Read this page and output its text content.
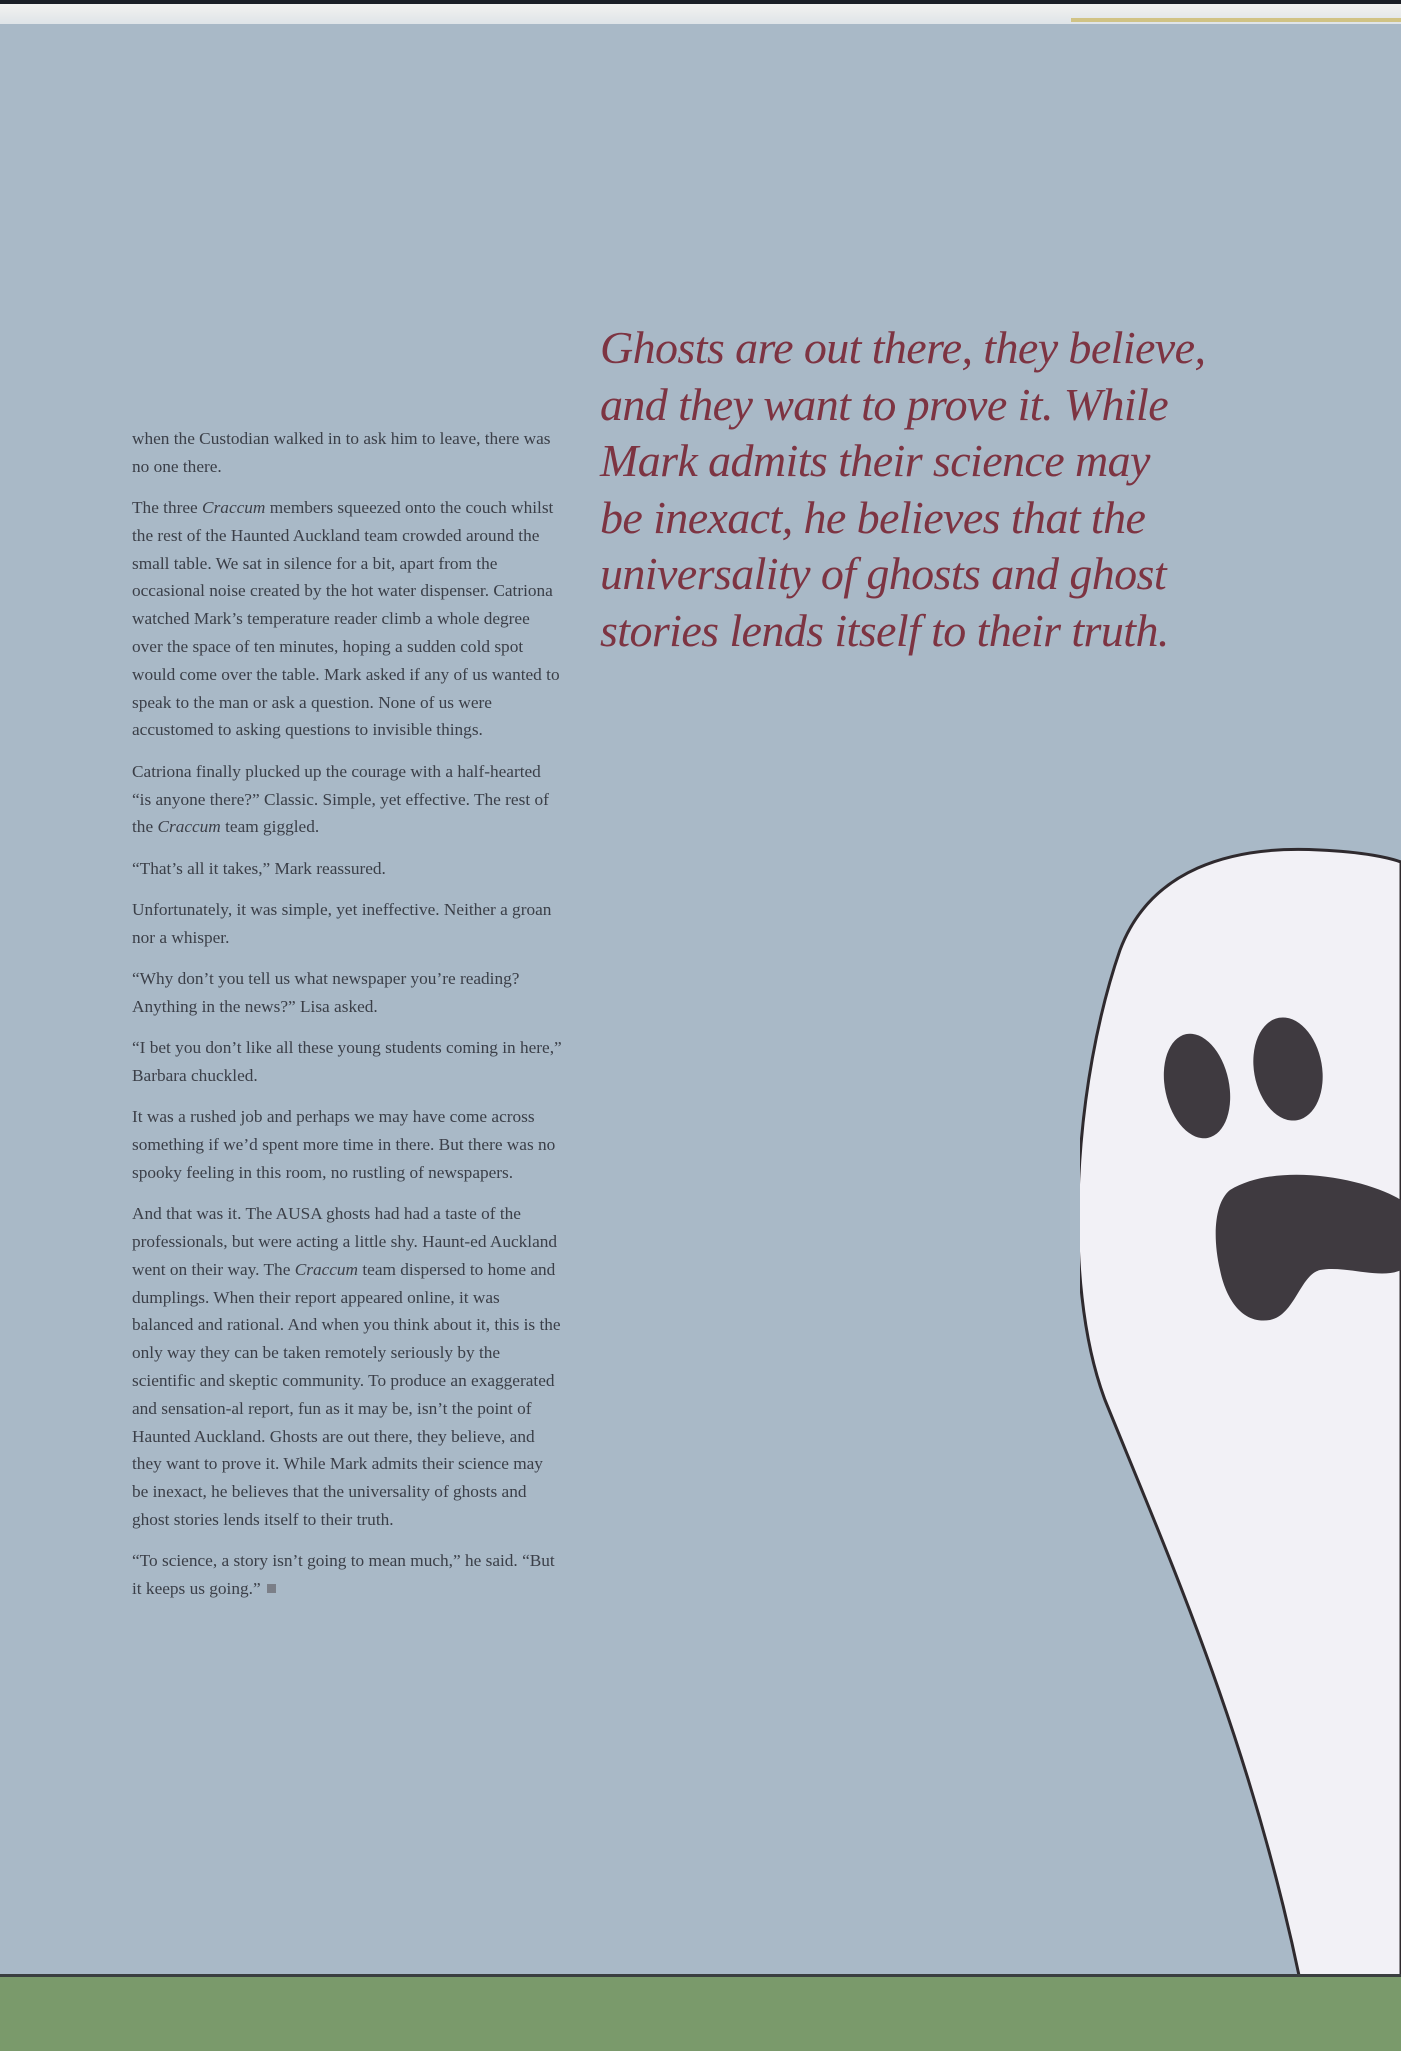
when the Custodian walked in to ask him to leave, there was no one there.

The three Craccum members squeezed onto the couch whilst the rest of the Haunted Auckland team crowded around the small table. We sat in silence for a bit, apart from the occasional noise created by the hot water dispenser. Catriona watched Mark’s temperature reader climb a whole degree over the space of ten minutes, hoping a sudden cold spot would come over the table. Mark asked if any of us wanted to speak to the man or ask a question. None of us were accustomed to asking questions to invisible things.

Catriona finally plucked up the courage with a half-hearted “is anyone there?” Classic. Simple, yet effective. The rest of the Craccum team giggled.

“That’s all it takes,” Mark reassured.

Unfortunately, it was simple, yet ineffective. Neither a groan nor a whisper.

“Why don’t you tell us what newspaper you’re reading? Anything in the news?” Lisa asked.

“I bet you don’t like all these young students coming in here,” Barbara chuckled.

It was a rushed job and perhaps we may have come across something if we’d spent more time in there. But there was no spooky feeling in this room, no rustling of newspapers.

And that was it. The AUSA ghosts had had a taste of the professionals, but were acting a little shy. Haunt-ed Auckland went on their way. The Craccum team dispersed to home and dumplings. When their report appeared online, it was balanced and rational. And when you think about it, this is the only way they can be taken remotely seriously by the scientific and skeptic community. To produce an exaggerated and sensation-al report, fun as it may be, isn’t the point of Haunted Auckland. Ghosts are out there, they believe, and they want to prove it. While Mark admits their science may be inexact, he believes that the universality of ghosts and ghost stories lends itself to their truth.

“To science, a story isn’t going to mean much,” he said. “But it keeps us going.”

Ghosts are out there, they believe,
and they want to prove it. While
Mark admits their science may
be inexact, he believes that the
universality of ghosts and ghost
stories lends itself to their truth.
